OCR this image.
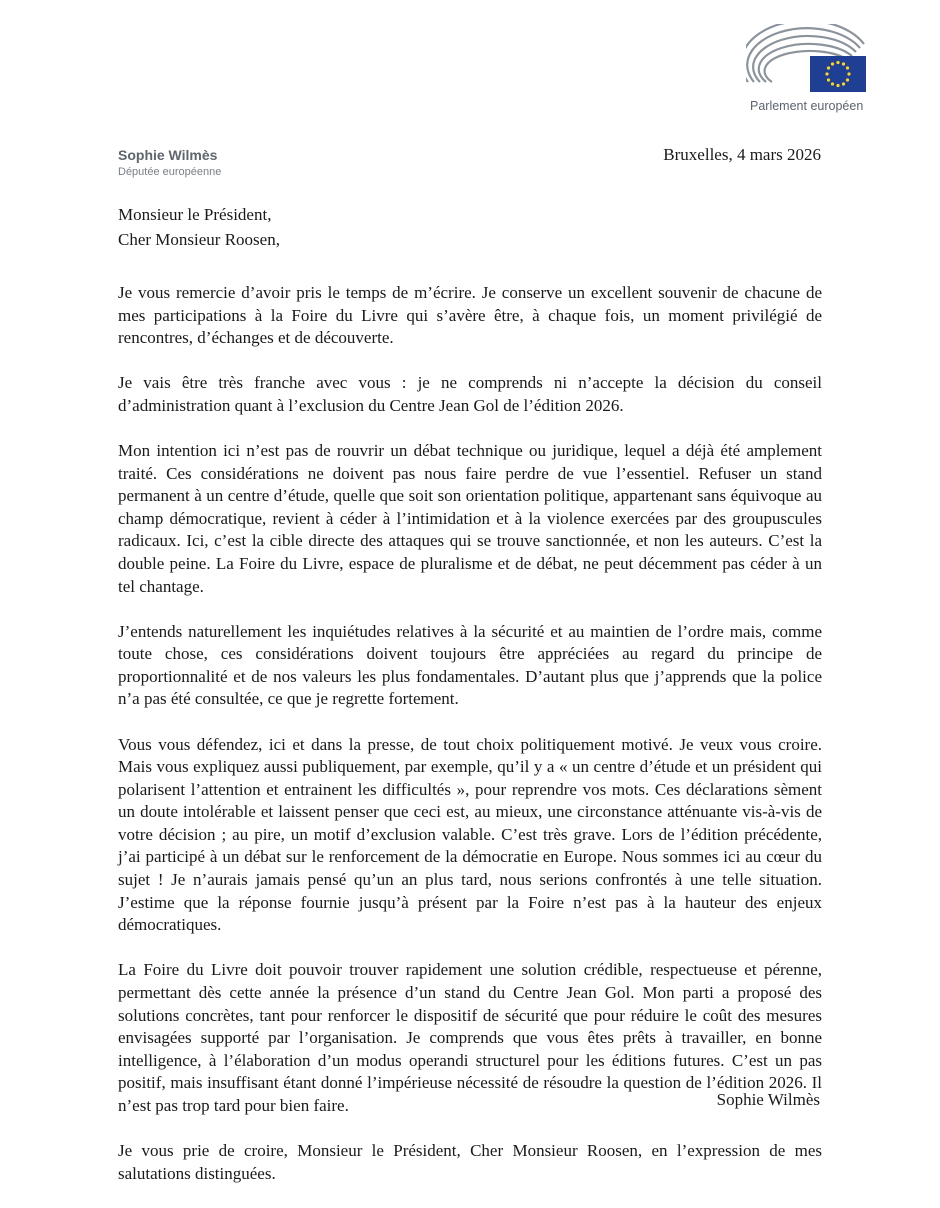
Parlement européen
Sophie Wilmès
Députée européenne
Bruxelles, 4 mars 2026
Monsieur le Président,
Cher Monsieur Roosen,

Je vous remercie d’avoir pris le temps de m’écrire. Je conserve un excellent souvenir de chacune de mes participations à la Foire du Livre qui s’avère être, à chaque fois, un moment privilégié de rencontres, d’échanges et de découverte.

Je vais être très franche avec vous : je ne comprends ni n’accepte la décision du conseil d’administration quant à l’exclusion du Centre Jean Gol de l’édition 2026.

Mon intention ici n’est pas de rouvrir un débat technique ou juridique, lequel a déjà été amplement traité. Ces considérations ne doivent pas nous faire perdre de vue l’essentiel. Refuser un stand permanent à un centre d’étude, quelle que soit son orientation politique, appartenant sans équivoque au champ démocratique, revient à céder à l’intimidation et à la violence exercées par des groupuscules radicaux. Ici, c’est la cible directe des attaques qui se trouve sanctionnée, et non les auteurs. C’est la double peine. La Foire du Livre, espace de pluralisme et de débat, ne peut décemment pas céder à un tel chantage.

J’entends naturellement les inquiétudes relatives à la sécurité et au maintien de l’ordre mais, comme toute chose, ces considérations doivent toujours être appréciées au regard du principe de proportionnalité et de nos valeurs les plus fondamentales. D’autant plus que j’apprends que la police n’a pas été consultée, ce que je regrette fortement.

Vous vous défendez, ici et dans la presse, de tout choix politiquement motivé. Je veux vous croire. Mais vous expliquez aussi publiquement, par exemple, qu’il y a « un centre d’étude et un président qui polarisent l’attention et entrainent les difficultés », pour reprendre vos mots. Ces déclarations sèment un doute intolérable et laissent penser que ceci est, au mieux, une circonstance atténuante vis-à-vis de votre décision ; au pire, un motif d’exclusion valable. C’est très grave. Lors de l’édition précédente, j’ai participé à un débat sur le renforcement de la démocratie en Europe. Nous sommes ici au cœur du sujet ! Je n’aurais jamais pensé qu’un an plus tard, nous serions confrontés à une telle situation. J’estime que la réponse fournie jusqu’à présent par la Foire n’est pas à la hauteur des enjeux démocratiques.

La Foire du Livre doit pouvoir trouver rapidement une solution crédible, respectueuse et pérenne, permettant dès cette année la présence d’un stand du Centre Jean Gol. Mon parti a proposé des solutions concrètes, tant pour renforcer le dispositif de sécurité que pour réduire le coût des mesures envisagées supporté par l’organisation. Je comprends que vous êtes prêts à travailler, en bonne intelligence, à l’élaboration d’un modus operandi structurel pour les éditions futures. C’est un pas positif, mais insuffisant étant donné l’impérieuse nécessité de résoudre la question de l’édition 2026. Il n’est pas trop tard pour bien faire.

Je vous prie de croire, Monsieur le Président, Cher Monsieur Roosen, en l’expression de mes salutations distinguées.

Sophie Wilmès
